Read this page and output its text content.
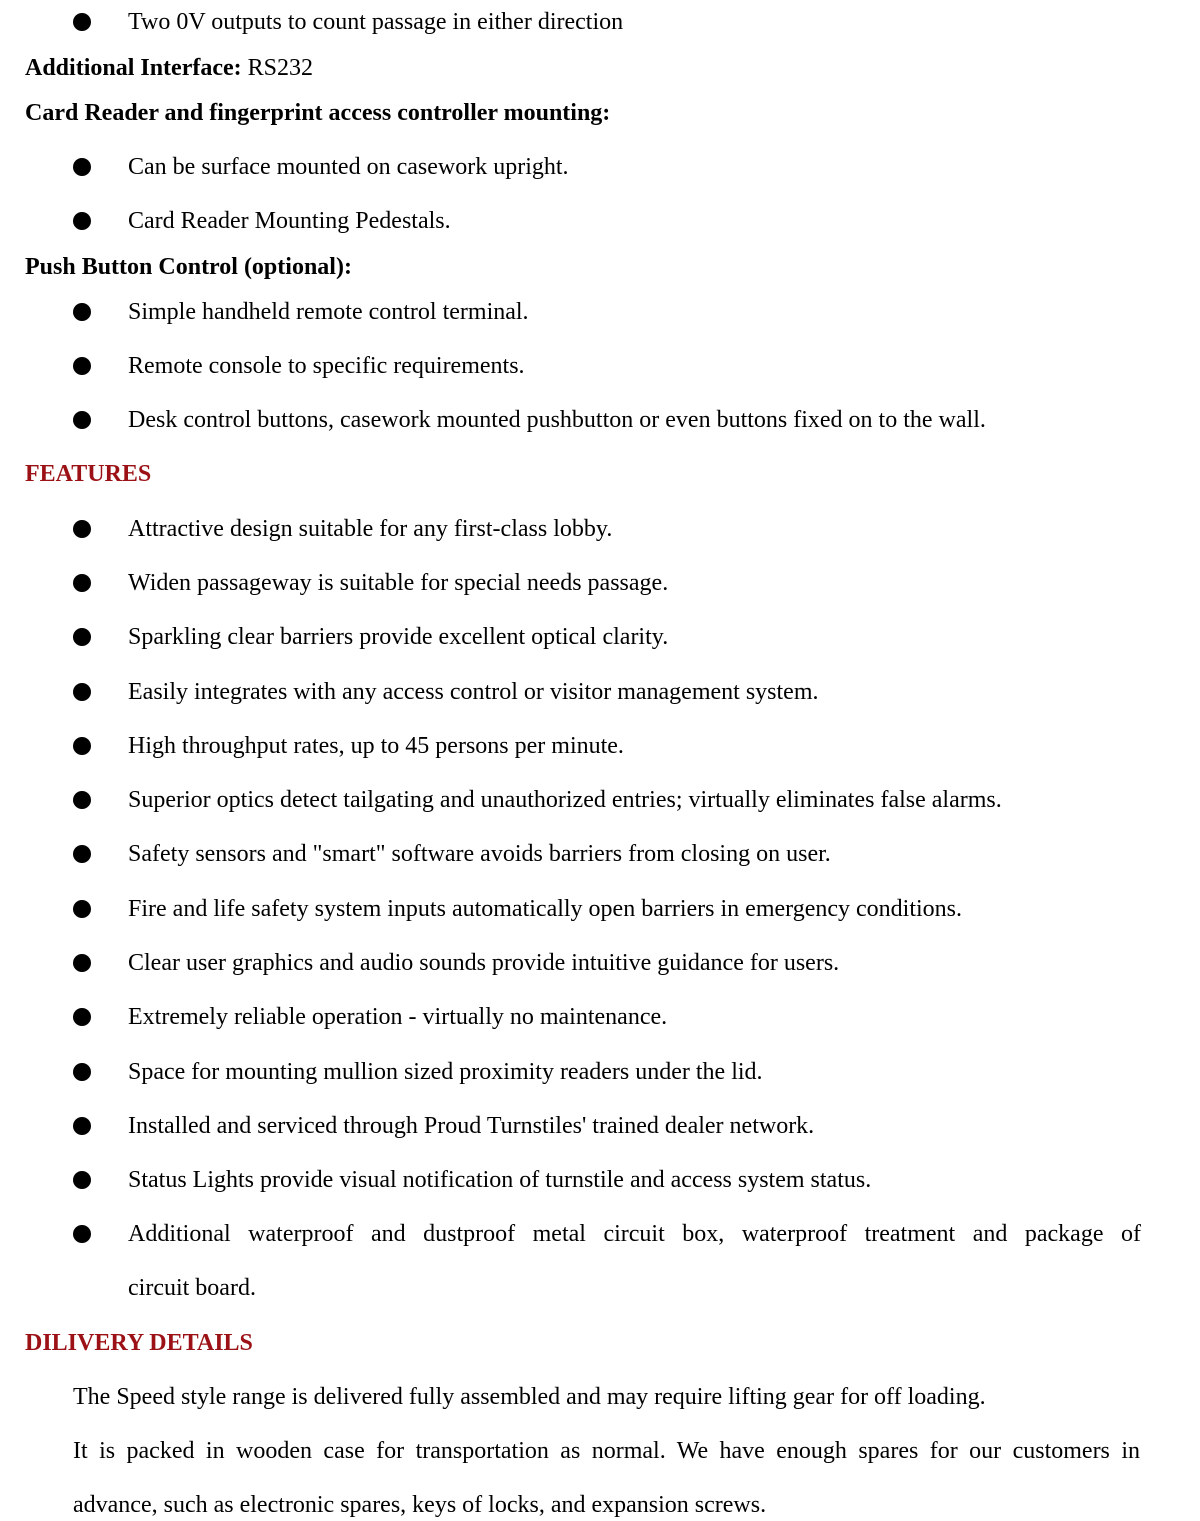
Two 0V outputs to count passage in either direction
Additional Interface: RS232
Card Reader and fingerprint access controller mounting:
Can be surface mounted on casework upright.
Card Reader Mounting Pedestals.
Push Button Control (optional):
Simple handheld remote control terminal.
Remote console to specific requirements.
Desk control buttons, casework mounted pushbutton or even buttons fixed on to the wall.
FEATURES
Attractive design suitable for any first-class lobby.
Widen passageway is suitable for special needs passage.
Sparkling clear barriers provide excellent optical clarity.
Easily integrates with any access control or visitor management system.
High throughput rates, up to 45 persons per minute.
Superior optics detect tailgating and unauthorized entries; virtually eliminates false alarms.
Safety sensors and "smart" software avoids barriers from closing on user.
Fire and life safety system inputs automatically open barriers in emergency conditions.
Clear user graphics and audio sounds provide intuitive guidance for users.
Extremely reliable operation - virtually no maintenance.
Space for mounting mullion sized proximity readers under the lid.
Installed and serviced through Proud Turnstiles' trained dealer network.
Status Lights provide visual notification of turnstile and access system status.
Additional waterproof and dustproof metal circuit box, waterproof treatment and package of
circuit board.
DILIVERY DETAILS
The Speed style range is delivered fully assembled and may require lifting gear for off loading.
It is packed in wooden case for transportation as normal. We have enough spares for our customers in
advance, such as electronic spares, keys of locks, and expansion screws.
